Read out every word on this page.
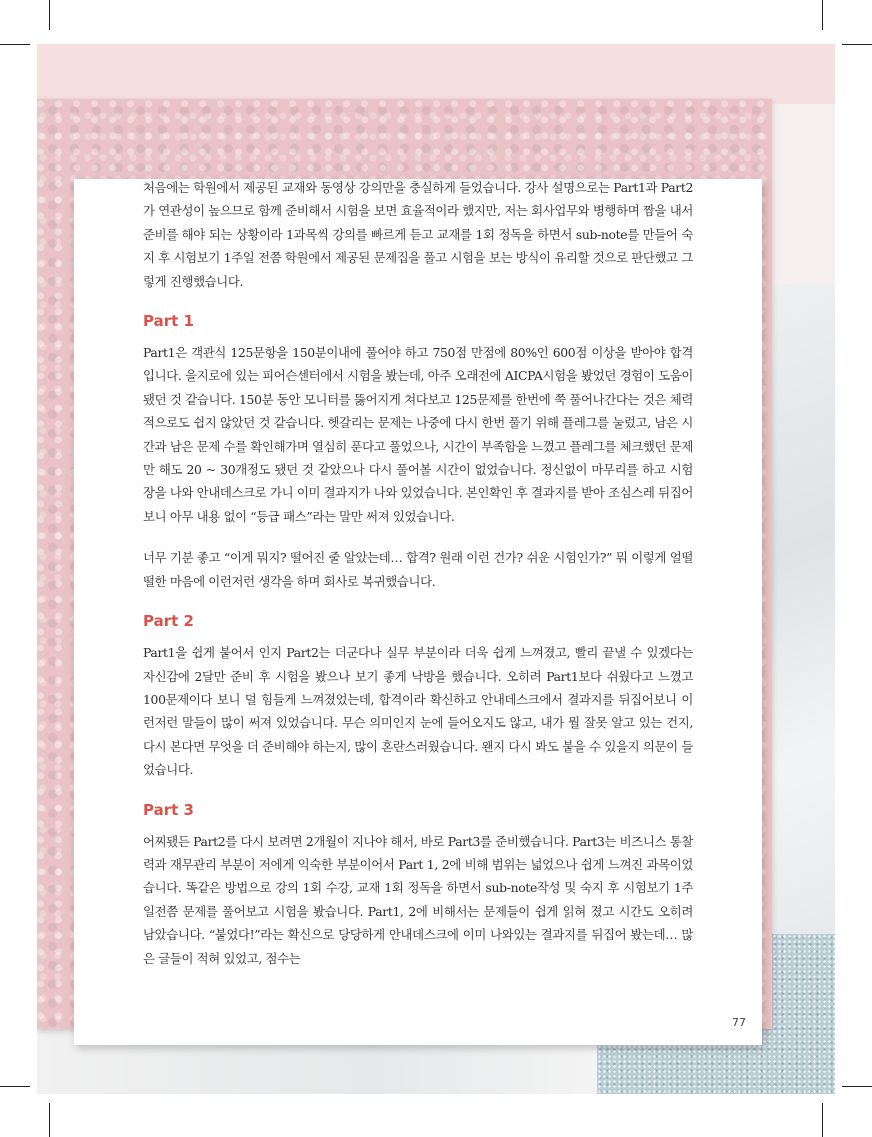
처음에는 학원에서 제공된 교재와 동영상 강의만을 충실하게 들었습니다. 강사 설명으로는 Part1과 Part2가 연관성이 높으므로 함께 준비해서 시험을 보면 효율적이라 했지만, 저는 회사업무와 병행하며 짬을 내서 준비를 해야 되는 상황이라 1과목씩 강의를 빠르게 듣고 교재를 1회 정독을 하면서 sub-note를 만들어 숙지 후 시험보기 1주일 전쯤 학원에서 제공된 문제집을 풀고 시험을 보는 방식이 유리할 것으로 판단했고 그렇게 진행했습니다.

Part 1

Part1은 객관식 125문항을 150분이내에 풀어야 하고 750점 만점에 80%인 600점 이상을 받아야 합격입니다. 을지로에 있는 피어슨센터에서 시험을 봤는데, 아주 오래전에 AICPA시험을 봤었던 경험이 도움이 됐던 것 같습니다. 150분 동안 모니터를 뚫어지게 쳐다보고 125문제를 한번에 쭉 풀어나간다는 것은 체력적으로도 쉽지 않았던 것 같습니다. 헷갈리는 문제는 나중에 다시 한번 풀기 위해 플레그를 눌렀고, 남은 시간과 남은 문제 수를 확인해가며 열심히 푼다고 풀었으나, 시간이 부족함을 느꼈고 플레그를 체크했던 문제만 해도 20 ~ 30개정도 됐던 것 같았으나 다시 풀어볼 시간이 없었습니다. 정신없이 마무리를 하고 시험장을 나와 안내데스크로 가니 이미 결과지가 나와 있었습니다. 본인확인 후 결과지를 받아 조심스레 뒤집어 보니 아무 내용 없이 “등급 패스”라는 말만 써져 있었습니다.

너무 기분 좋고 “이게 뭐지? 떨어진 줄 알았는데… 합격? 원래 이런 건가? 쉬운 시험인가?” 뭐 이렇게 얼떨떨한 마음에 이런저런 생각을 하며 회사로 복귀했습니다.

Part 2

Part1을 쉽게 붙어서 인지 Part2는 더군다나 실무 부분이라 더욱 쉽게 느껴졌고, 빨리 끝낼 수 있겠다는 자신감에 2달만 준비 후 시험을 봤으나 보기 좋게 낙방을 했습니다. 오히려 Part1보다 쉬웠다고 느꼈고 100문제이다 보니 덜 힘들게 느껴졌었는데, 합격이라 확신하고 안내데스크에서 결과지를 뒤집어보니 이런저런 말들이 많이 써져 있었습니다. 무슨 의미인지 눈에 들어오지도 않고, 내가 뭘 잘못 알고 있는 건지, 다시 본다면 무엇을 더 준비해야 하는지, 많이 혼란스러웠습니다. 왠지 다시 봐도 붙을 수 있을지 의문이 들었습니다.

Part 3

어찌됐든 Part2를 다시 보려면 2개월이 지나야 해서, 바로 Part3를 준비했습니다. Part3는 비즈니스 통찰력과 재무관리 부분이 저에게 익숙한 부분이어서 Part 1, 2에 비해 범위는 넓었으나 쉽게 느껴진 과목이었습니다. 똑같은 방법으로 강의 1회 수강, 교재 1회 정독을 하면서 sub-note작성 및 숙지 후 시험보기 1주일전쯤 문제를 풀어보고 시험을 봤습니다. Part1, 2에 비해서는 문제들이 쉽게 읽혀 졌고 시간도 오히려 남았습니다. “붙었다!”라는 확신으로 당당하게 안내데스크에 이미 나와있는 결과지를 뒤집어 봤는데… 많은 글들이 적혀 있었고, 점수는

77
